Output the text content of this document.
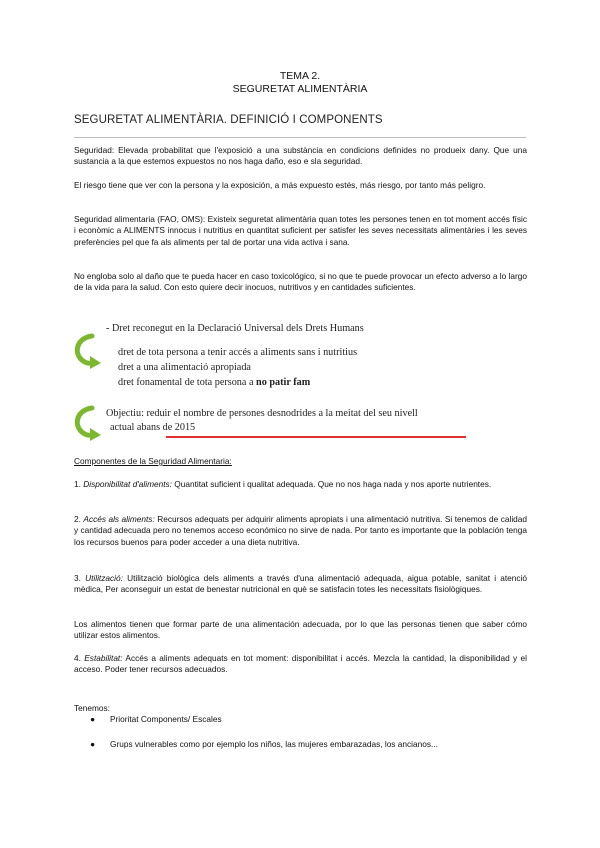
TEMA 2.
SEGURETAT ALIMENTÀRIA
SEGURETAT ALIMENTÀRIA. DEFINICIÓ I COMPONENTS

Seguridad: Elevada probabilitat que l'exposició a una substància en condicions definides no produeix dany. Que una sustancia a la que estemos expuestos no nos haga daño, eso e sla seguridad.

El riesgo tiene que ver con la persona y la exposición, a más expuesto estés, más riesgo, por tanto más peligro.

Seguridad alimentaria (FAO, OMS): Existeix seguretat alimentària quan totes les persones tenen en tot moment accés físic i econòmic a ALIMENTS innocus i nutritius en quantitat suficient per satisfer les seves necessitats alimentàries i les seves preferències pel que fa als aliments per tal de portar una vida activa i sana.

No engloba solo al daño que te pueda hacer en caso toxicológico, si no que te puede provocar un efecto adverso a lo largo de la vida para la salud. Con esto quiere decir inocuos, nutritivos y en cantidades suficientes.

- Dret reconegut en la Declaració Universal dels Drets Humans
dret de tota persona a tenir accés a aliments sans i nutritius
dret a una alimentació apropiada
dret fonamental de tota persona a no patir fam
Objectiu: reduir el nombre de persones desnodrides a la meitat del seu nivell
actual abans de 2015
Componentes de la Seguridad Alimentaria:

1. Disponibilitat d'aliments: Quantitat suficient i qualitat adequada. Que no nos haga nada y nos aporte nutrientes.

2. Accés als aliments: Recursos adequats per adquirir aliments apropiats i una alimentació nutritiva. Si tenemos de calidad y cantidad adecuada pero no tenemos acceso económico no sirve de nada. Por tanto es importante que la población tenga los recursos buenos para poder acceder a una dieta nutritiva.

3. Utilització: Utilització biològica dels aliments a través d'una alimentació adequada, aigua potable, sanitat i atenció mèdica, Per aconseguir un estat de benestar nutricional en què se satisfacin totes les necessitats fisiològiques.

Los alimentos tienen que formar parte de una alimentación adecuada, por lo que las personas tienen que saber cómo utilizar estos alimentos.

4. Estabilitat: Accés a aliments adequats en tot moment: disponibilitat i accés. Mezcla la cantidad, la disponibilidad y el acceso. Poder tener recursos adecuados.

Tenemos:

● Prioritat Components/ Escales
● Grups vulnerables como por ejemplo los niños, las mujeres embarazadas, los ancianos...
